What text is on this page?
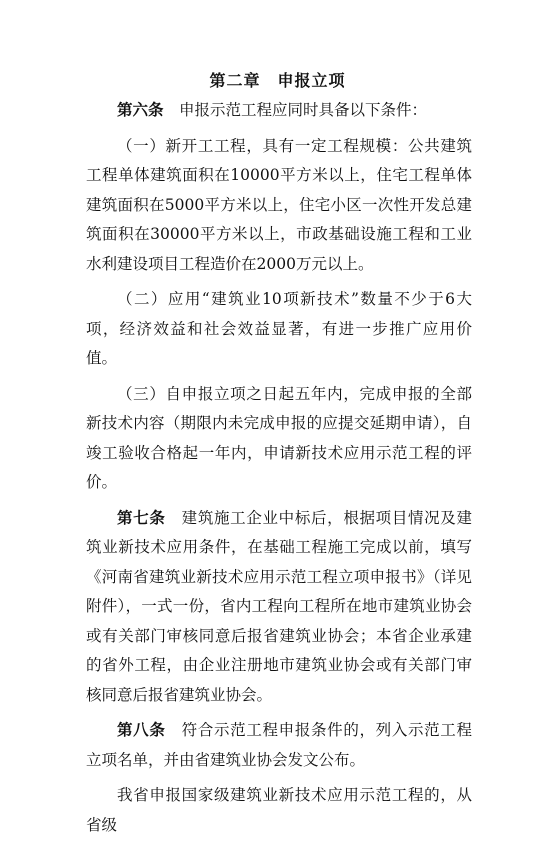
第二章　申报立项

第六条　申报示范工程应同时具备以下条件：

（一）新开工工程，具有一定工程规模：公共建筑工程单体建筑面积在10000平方米以上，住宅工程单体建筑面积在5000平方米以上，住宅小区一次性开发总建筑面积在30000平方米以上，市政基础设施工程和工业水利建设项目工程造价在2000万元以上。

（二）应用“建筑业10项新技术”数量不少于6大项，经济效益和社会效益显著，有进一步推广应用价值。

（三）自申报立项之日起五年内，完成申报的全部新技术内容（期限内未完成申报的应提交延期申请），自竣工验收合格起一年内，申请新技术应用示范工程的评价。

第七条　建筑施工企业中标后，根据项目情况及建筑业新技术应用条件，在基础工程施工完成以前，填写《河南省建筑业新技术应用示范工程立项申报书》（详见附件），一式一份，省内工程向工程所在地市建筑业协会或有关部门审核同意后报省建筑业协会；本省企业承建的省外工程，由企业注册地市建筑业协会或有关部门审核同意后报省建筑业协会。

第八条　符合示范工程申报条件的，列入示范工程立项名单，并由省建筑业协会发文公布。

我省申报国家级建筑业新技术应用示范工程的，从省级
